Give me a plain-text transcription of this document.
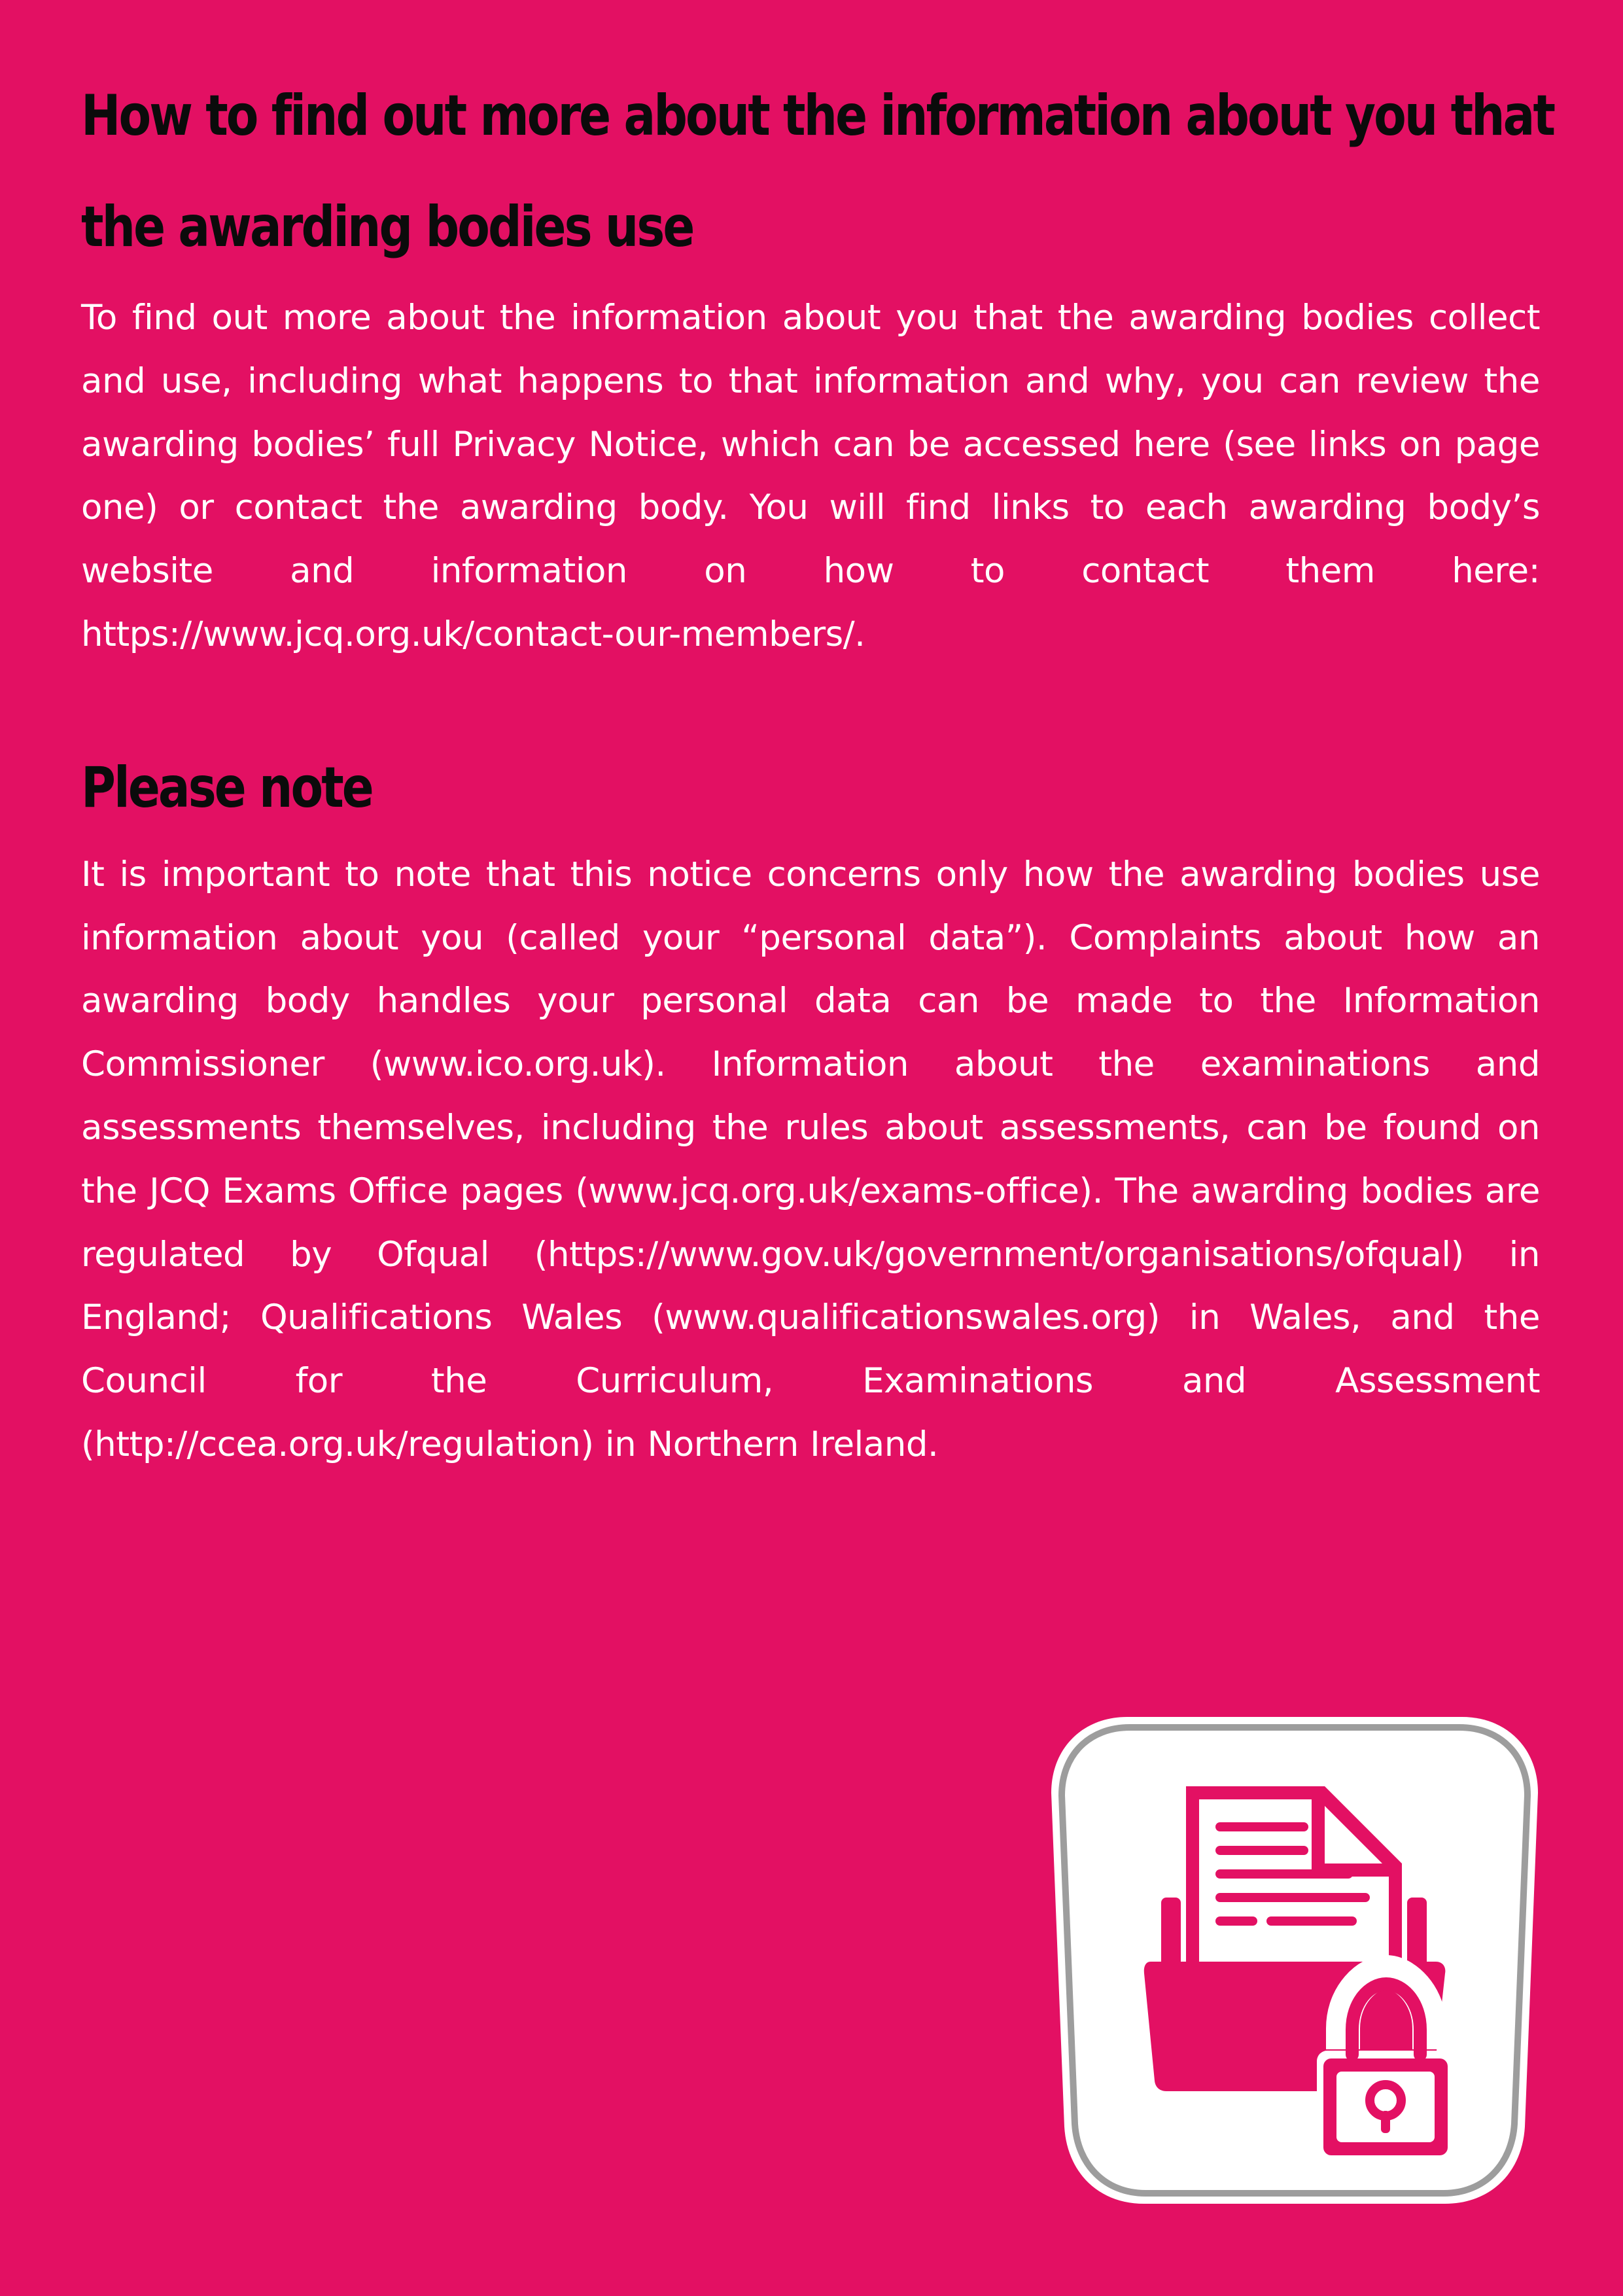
How to find out more about the information about you that
the awarding bodies use

To find out more about the information about you that the awarding bodies collect and use, including what happens to that information and why, you can review the awarding bodies’ full Privacy Notice, which can be accessed here (see links on page one) or contact the awarding body. You will find links to each awarding body’s website and information on how to contact them here: https://www.jcq.org.uk/contact-our-members/.

Please note

It is important to note that this notice concerns only how the awarding bodies use information about you (called your “personal data”). Complaints about how an awarding body handles your personal data can be made to the Information Commissioner (www.ico.org.uk). Information about the examinations and assessments themselves, including the rules about assessments, can be found on the JCQ Exams Office pages (www.jcq.org.uk/exams-office). The awarding bodies are regulated by Ofqual (https://www.gov.uk/government/organisations/ofqual) in England; Qualifications Wales (www.qualificationswales.org) in Wales, and the Council for the Curriculum, Examinations and Assessment (http://ccea.org.uk/regulation) in Northern Ireland.
